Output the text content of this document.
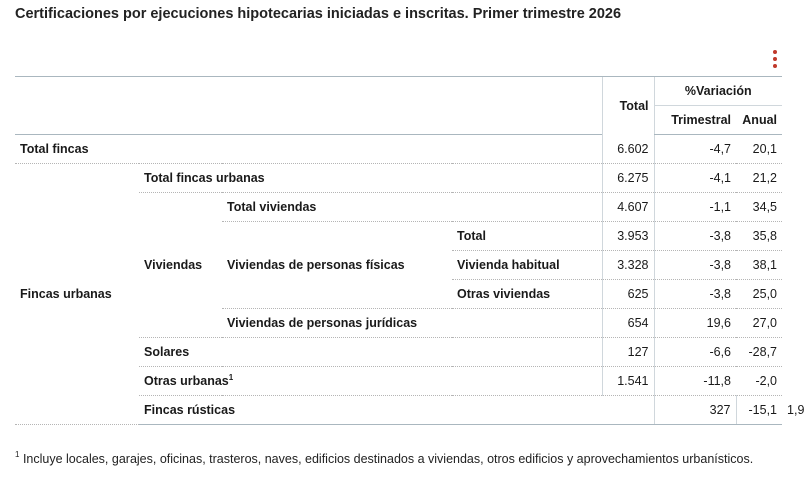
Certificaciones por ejecuciones hipotecarias iniciadas e inscritas. Primer trimestre 2026
				Total	%Variación		
					Trimestral	Anual	
Total fincas				6.602	-4,7	20,1	
Fincas urbanas	Total fincas urbanas			6.275	-4,1	21,2	
	Viviendas	Total viviendas		4.607	-1,1	34,5	
		Viviendas de personas físicas	Total	3.953	-3,8	35,8	
			Vivienda habitual	3.328	-3,8	38,1	
			Otras viviendas	625	-3,8	25,0	
		Viviendas de personas jurídicas		654	19,6	27,0	
	Solares			127	-6,6	-28,7	
	Otras urbanas$^1$			1.541	-11,8	-2,0	
	Fincas rústicas				327	-15,1	1,9
$^1$ Incluye locales, garajes, oficinas, trasteros, naves, edificios destinados a viviendas, otros edificios y aprovechamientos urbanísticos.
